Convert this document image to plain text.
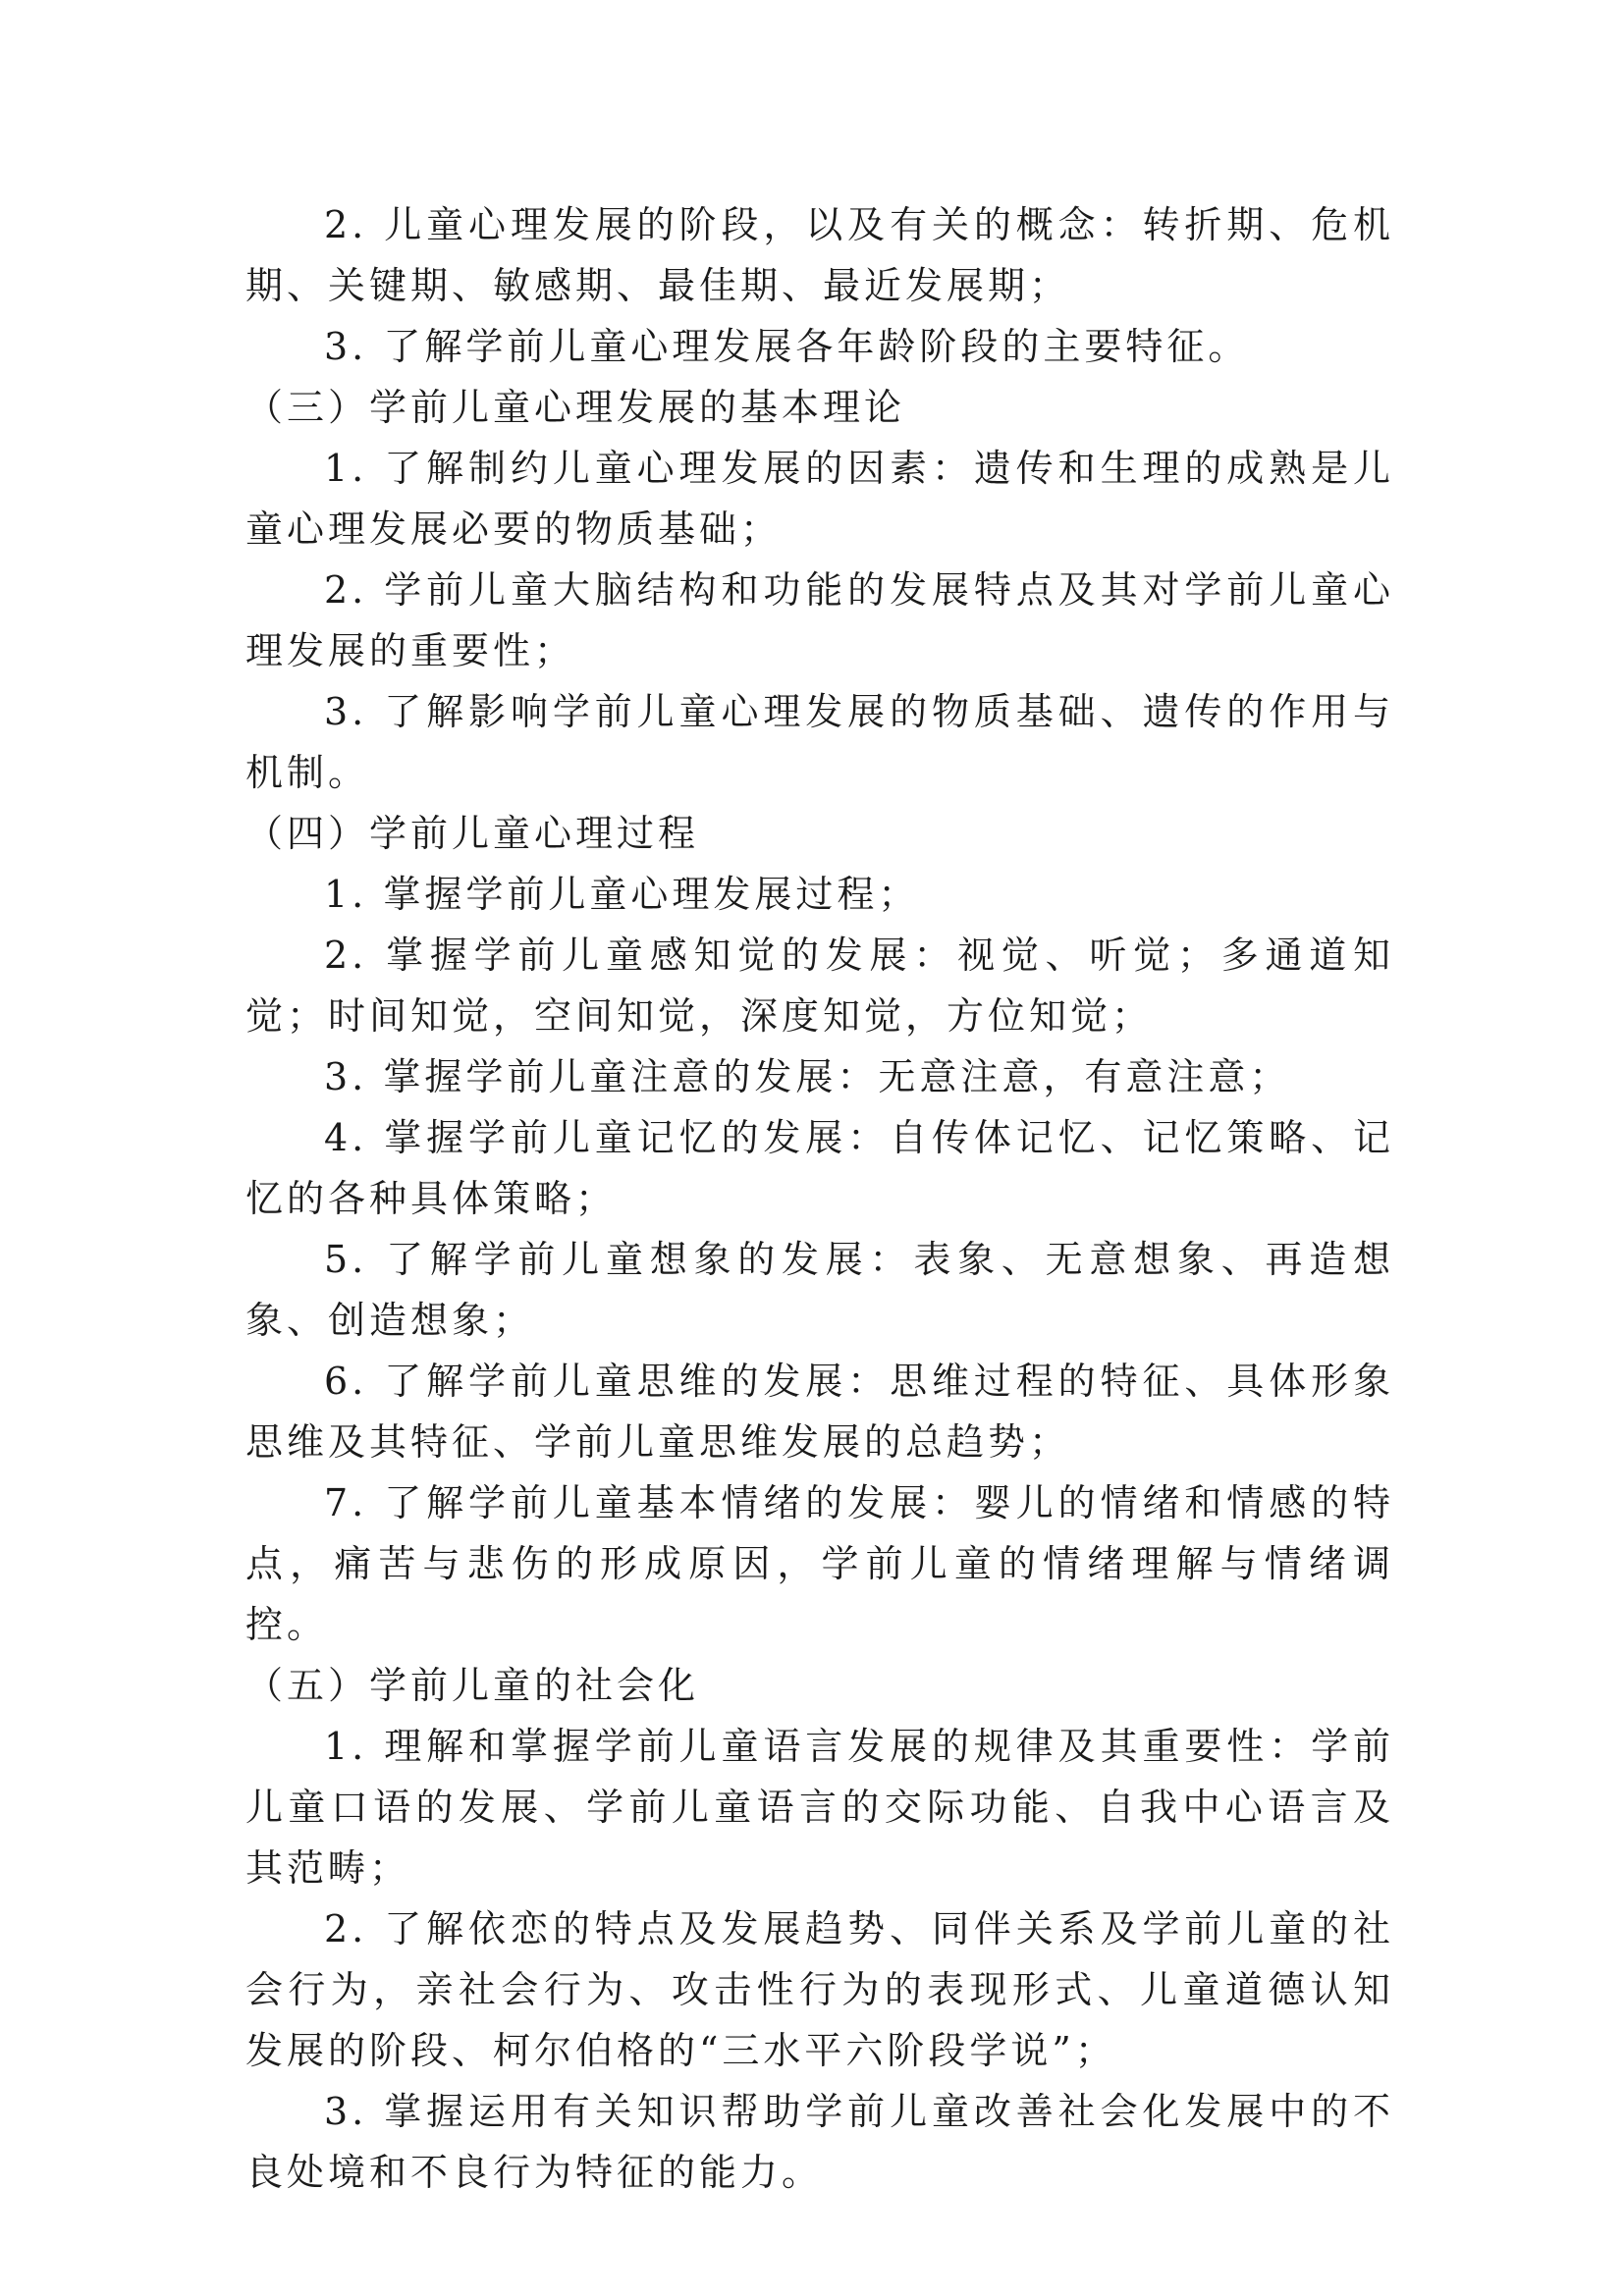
2. 儿童心理发展的阶段，以及有关的概念：转折期、危机期、关键期、敏感期、最佳期、最近发展期；

3. 了解学前儿童心理发展各年龄阶段的主要特征。

（三）学前儿童心理发展的基本理论

1. 了解制约儿童心理发展的因素：遗传和生理的成熟是儿童心理发展必要的物质基础；

2. 学前儿童大脑结构和功能的发展特点及其对学前儿童心理发展的重要性；

3. 了解影响学前儿童心理发展的物质基础、遗传的作用与机制。

（四）学前儿童心理过程

1. 掌握学前儿童心理发展过程；

2. 掌握学前儿童感知觉的发展：视觉、听觉；多通道知觉；时间知觉，空间知觉，深度知觉，方位知觉；

3. 掌握学前儿童注意的发展：无意注意，有意注意；

4. 掌握学前儿童记忆的发展：自传体记忆、记忆策略、记忆的各种具体策略；

5. 了解学前儿童想象的发展：表象、无意想象、再造想象、创造想象；

6. 了解学前儿童思维的发展：思维过程的特征、具体形象思维及其特征、学前儿童思维发展的总趋势；

7. 了解学前儿童基本情绪的发展：婴儿的情绪和情感的特点，痛苦与悲伤的形成原因，学前儿童的情绪理解与情绪调控。

（五）学前儿童的社会化

1. 理解和掌握学前儿童语言发展的规律及其重要性：学前儿童口语的发展、学前儿童语言的交际功能、自我中心语言及其范畴；

2. 了解依恋的特点及发展趋势、同伴关系及学前儿童的社会行为，亲社会行为、攻击性行为的表现形式、儿童道德认知发展的阶段、柯尔伯格的“三水平六阶段学说”；

3. 掌握运用有关知识帮助学前儿童改善社会化发展中的不良处境和不良行为特征的能力。
